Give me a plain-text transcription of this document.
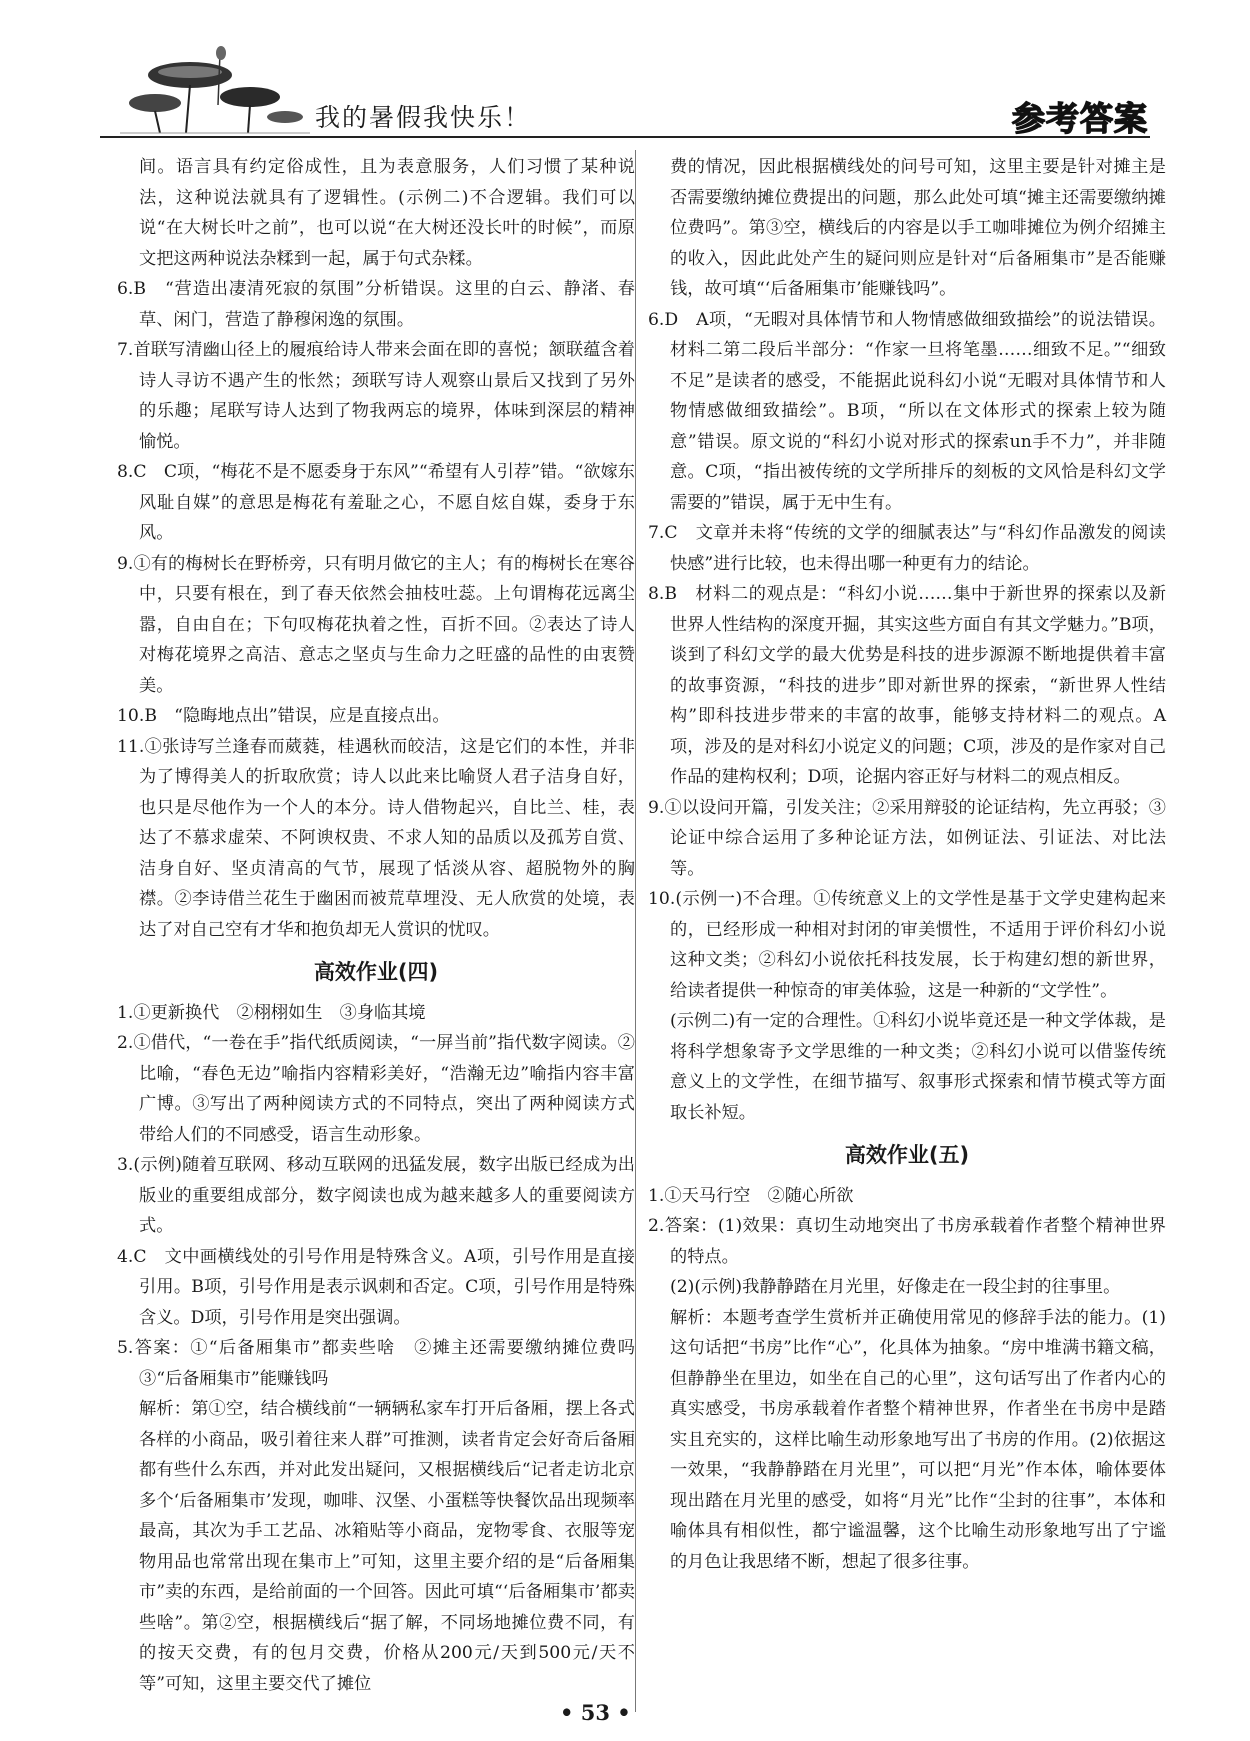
我的暑假我快乐！	参考答案

间。语言具有约定俗成性，且为表意服务，人们习惯了某种说法，这种说法就具有了逻辑性。(示例二)不合逻辑。我们可以说“在大树长叶之前”，也可以说“在大树还没长叶的时候”，而原文把这两种说法杂糅到一起，属于句式杂糅。

6.B　“营造出凄清死寂的氛围”分析错误。这里的白云、静渚、春草、闲门，营造了静穆闲逸的氛围。

7.首联写清幽山径上的履痕给诗人带来会面在即的喜悦；颔联蕴含着诗人寻访不遇产生的怅然；颈联写诗人观察山景后又找到了另外的乐趣；尾联写诗人达到了物我两忘的境界，体味到深层的精神愉悦。

8.C　C项，“梅花不是不愿委身于东风”“希望有人引荐”错。“欲嫁东风耻自媒”的意思是梅花有羞耻之心，不愿自炫自媒，委身于东风。

9.①有的梅树长在野桥旁，只有明月做它的主人；有的梅树长在寒谷中，只要有根在，到了春天依然会抽枝吐蕊。上句谓梅花远离尘嚣，自由自在；下句叹梅花执着之性，百折不回。②表达了诗人对梅花境界之高洁、意志之坚贞与生命力之旺盛的品性的由衷赞美。

10.B　“隐晦地点出”错误，应是直接点出。

11.①张诗写兰逢春而葳蕤，桂遇秋而皎洁，这是它们的本性，并非为了博得美人的折取欣赏；诗人以此来比喻贤人君子洁身自好，也只是尽他作为一个人的本分。诗人借物起兴，自比兰、桂，表达了不慕求虚荣、不阿谀权贵、不求人知的品质以及孤芳自赏、洁身自好、坚贞清高的气节，展现了恬淡从容、超脱物外的胸襟。②李诗借兰花生于幽困而被荒草埋没、无人欣赏的处境，表达了对自己空有才华和抱负却无人赏识的忧叹。

高效作业(四)

1.①更新换代　②栩栩如生　③身临其境

2.①借代，“一卷在手”指代纸质阅读，“一屏当前”指代数字阅读。②比喻，“春色无边”喻指内容精彩美好，“浩瀚无边”喻指内容丰富广博。③写出了两种阅读方式的不同特点，突出了两种阅读方式带给人们的不同感受，语言生动形象。

3.(示例)随着互联网、移动互联网的迅猛发展，数字出版已经成为出版业的重要组成部分，数字阅读也成为越来越多人的重要阅读方式。

4.C　文中画横线处的引号作用是特殊含义。A项，引号作用是直接引用。B项，引号作用是表示讽刺和否定。C项，引号作用是特殊含义。D项，引号作用是突出强调。

5.答案：①“后备厢集市”都卖些啥　②摊主还需要缴纳摊位费吗　③“后备厢集市”能赚钱吗

解析：第①空，结合横线前“一辆辆私家车打开后备厢，摆上各式各样的小商品，吸引着往来人群”可推测，读者肯定会好奇后备厢都有些什么东西，并对此发出疑问，又根据横线后“记者走访北京多个‘后备厢集市’发现，咖啡、汉堡、小蛋糕等快餐饮品出现频率最高，其次为手工艺品、冰箱贴等小商品，宠物零食、衣服等宠物用品也常常出现在集市上”可知，这里主要介绍的是“后备厢集市”卖的东西，是给前面的一个回答。因此可填“‘后备厢集市’都卖些啥”。第②空，根据横线后“据了解，不同场地摊位费不同，有的按天交费，有的包月交费，价格从200元/天到500元/天不等”可知，这里主要交代了摊位

费的情况，因此根据横线处的问号可知，这里主要是针对摊主是否需要缴纳摊位费提出的问题，那么此处可填“摊主还需要缴纳摊位费吗”。第③空，横线后的内容是以手工咖啡摊位为例介绍摊主的收入，因此此处产生的疑问则应是针对“后备厢集市”是否能赚钱，故可填“‘后备厢集市’能赚钱吗”。

6.D　A项，“无暇对具体情节和人物情感做细致描绘”的说法错误。材料二第二段后半部分：“作家一旦将笔墨……细致不足。”“细致不足”是读者的感受，不能据此说科幻小说“无暇对具体情节和人物情感做细致描绘”。B项，“所以在文体形式的探索上较为随意”错误。原文说的“科幻小说对形式的探索un手不力”，并非随意。C项，“指出被传统的文学所排斥的刻板的文风恰是科幻文学需要的”错误，属于无中生有。

7.C　文章并未将“传统的文学的细腻表达”与“科幻作品激发的阅读快感”进行比较，也未得出哪一种更有力的结论。

8.B　材料二的观点是：“科幻小说……集中于新世界的探索以及新世界人性结构的深度开掘，其实这些方面自有其文学魅力。”B项，谈到了科幻文学的最大优势是科技的进步源源不断地提供着丰富的故事资源，“科技的进步”即对新世界的探索，“新世界人性结构”即科技进步带来的丰富的故事，能够支持材料二的观点。A项，涉及的是对科幻小说定义的问题；C项，涉及的是作家对自己作品的建构权利；D项，论据内容正好与材料二的观点相反。

9.①以设问开篇，引发关注；②采用辩驳的论证结构，先立再驳；③论证中综合运用了多种论证方法，如例证法、引证法、对比法等。

10.(示例一)不合理。①传统意义上的文学性是基于文学史建构起来的，已经形成一种相对封闭的审美惯性，不适用于评价科幻小说这种文类；②科幻小说依托科技发展，长于构建幻想的新世界，给读者提供一种惊奇的审美体验，这是一种新的“文学性”。

(示例二)有一定的合理性。①科幻小说毕竟还是一种文学体裁，是将科学想象寄予文学思维的一种文类；②科幻小说可以借鉴传统意义上的文学性，在细节描写、叙事形式探索和情节模式等方面取长补短。

高效作业(五)

1.①天马行空　②随心所欲

2.答案：(1)效果：真切生动地突出了书房承载着作者整个精神世界的特点。

(2)(示例)我静静踏在月光里，好像走在一段尘封的往事里。

解析：本题考查学生赏析并正确使用常见的修辞手法的能力。(1)这句话把“书房”比作“心”，化具体为抽象。“房中堆满书籍文稿，但静静坐在里边，如坐在自己的心里”，这句话写出了作者内心的真实感受，书房承载着作者整个精神世界，作者坐在书房中是踏实且充实的，这样比喻生动形象地写出了书房的作用。(2)依据这一效果，“我静静踏在月光里”，可以把“月光”作本体，喻体要体现出踏在月光里的感受，如将“月光”比作“尘封的往事”，本体和喻体具有相似性，都宁谧温馨，这个比喻生动形象地写出了宁谧的月色让我思绪不断，想起了很多往事。

• 53 •
